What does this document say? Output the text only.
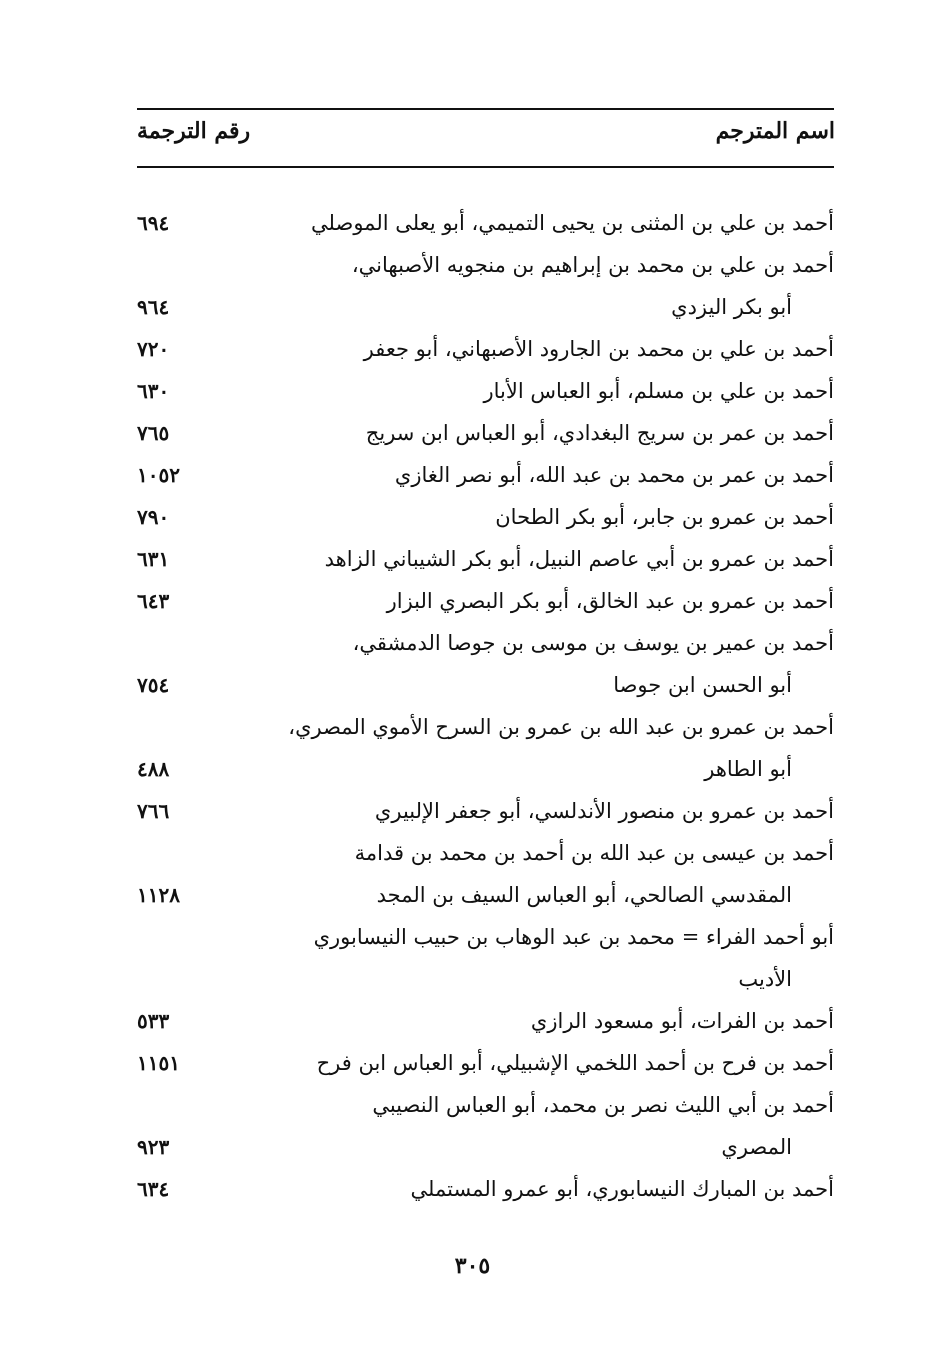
اسم المترجم
رقم الترجمة
أحمد بن علي بن المثنى بن يحيى التميمي، أبو يعلى الموصلي
٦٩٤
أحمد بن علي بن محمد بن إبراهيم بن منجويه الأصبهاني،
أبو بكر اليزدي
٩٦٤
أحمد بن علي بن محمد بن الجارود الأصبهاني، أبو جعفر
٧٢٠
أحمد بن علي بن مسلم، أبو العباس الأبار
٦٣٠
أحمد بن عمر بن سريج البغدادي، أبو العباس ابن سريج
٧٦٥
أحمد بن عمر بن محمد بن عبد الله، أبو نصر الغازي
١٠٥٢
أحمد بن عمرو بن جابر، أبو بكر الطحان
٧٩٠
أحمد بن عمرو بن أبي عاصم النبيل، أبو بكر الشيباني الزاهد
٦٣١
أحمد بن عمرو بن عبد الخالق، أبو بكر البصري البزار
٦٤٣
أحمد بن عمير بن يوسف بن موسى بن جوصا الدمشقي،
أبو الحسن ابن جوصا
٧٥٤
أحمد بن عمرو بن عبد الله بن عمرو بن السرح الأموي المصري،
أبو الطاهر
٤٨٨
أحمد بن عمرو بن منصور الأندلسي، أبو جعفر الإلبيري
٧٦٦
أحمد بن عيسى بن عبد الله بن أحمد بن محمد بن قدامة
المقدسي الصالحي، أبو العباس السيف بن المجد
١١٢٨
أبو أحمد الفراء = محمد بن عبد الوهاب بن حبيب النيسابوري
الأديب
أحمد بن الفرات، أبو مسعود الرازي
٥٣٣
أحمد بن فرح بن أحمد اللخمي الإشبيلي، أبو العباس ابن فرح
١١٥١
أحمد بن أبي الليث نصر بن محمد، أبو العباس النصيبي
المصري
٩٢٣
أحمد بن المبارك النيسابوري، أبو عمرو المستملي
٦٣٤
٣٠٥
